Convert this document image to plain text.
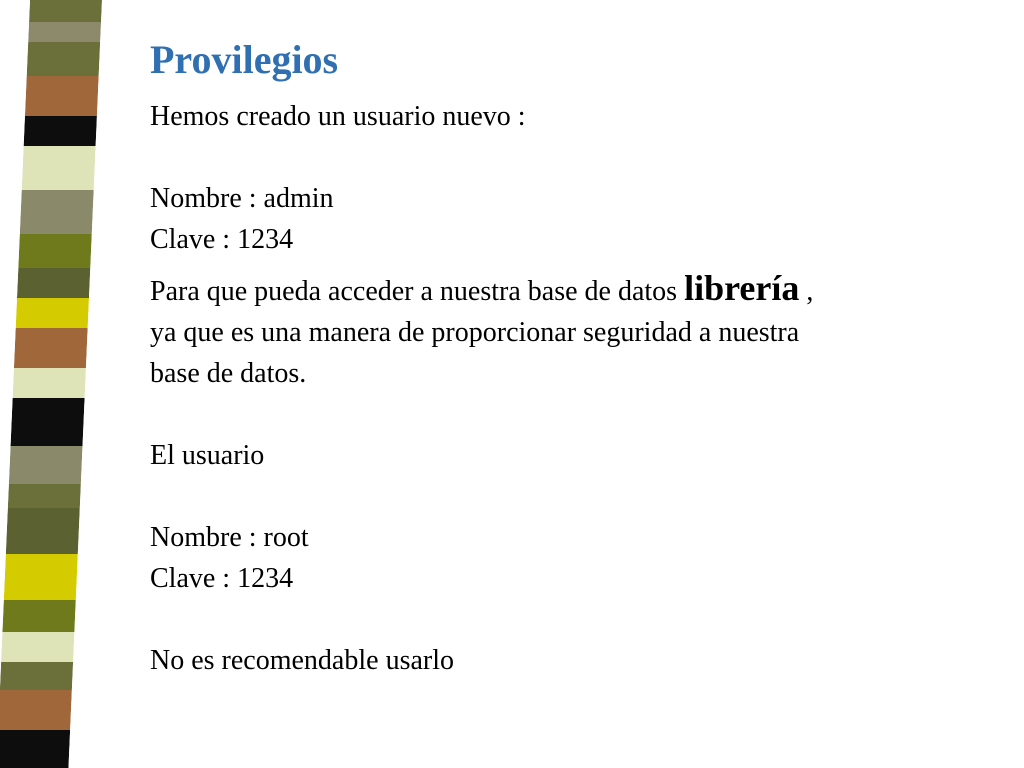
Provilegios

Hemos creado un usuario nuevo :

Nombre : admin

Clave : 1234

Para que pueda acceder a nuestra base de datos librería ,

ya que es una manera de proporcionar seguridad a nuestra

base de datos.

El usuario

Nombre : root

Clave : 1234

No es recomendable usarlo
